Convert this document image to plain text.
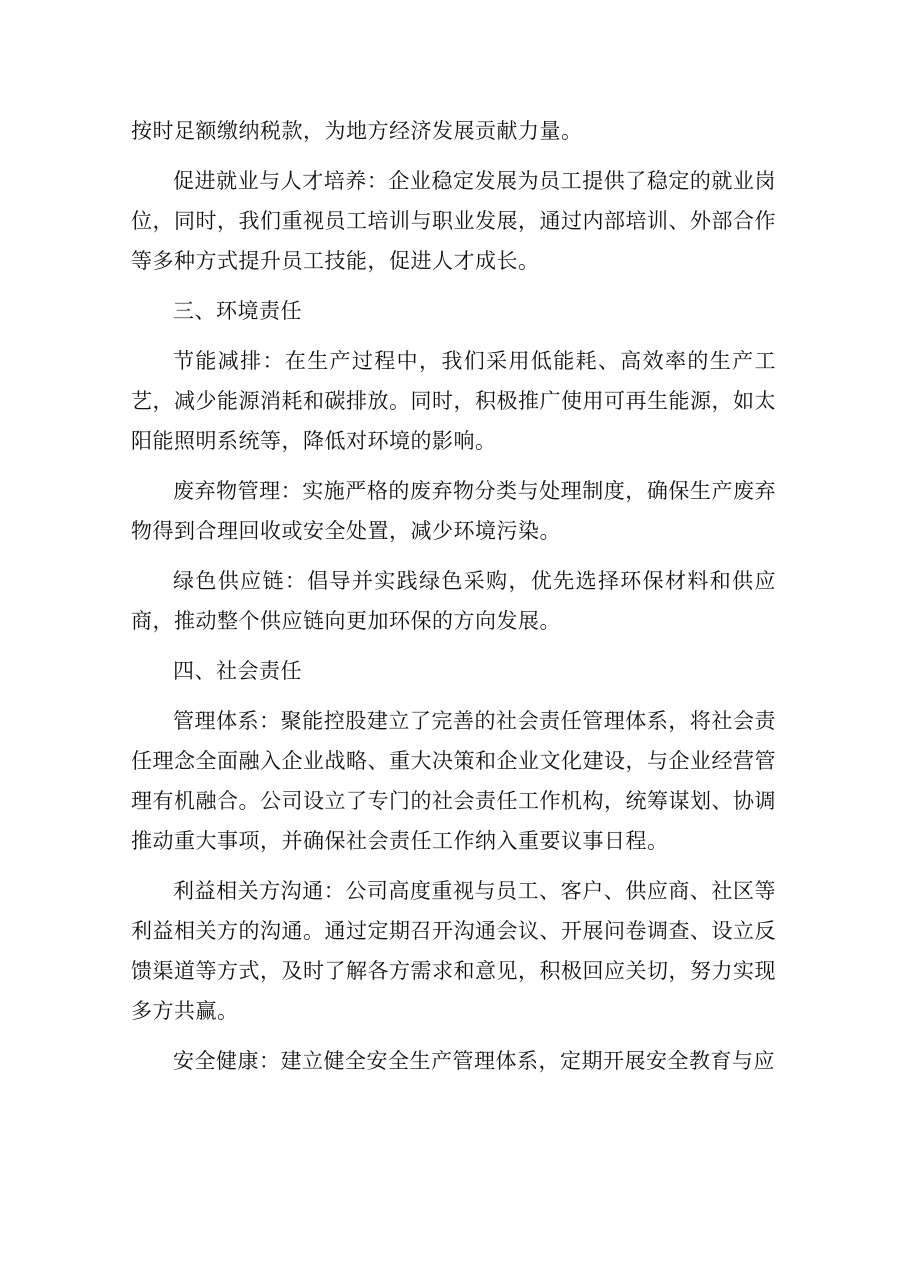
按时足额缴纳税款，为地方经济发展贡献力量。

促进就业与人才培养：企业稳定发展为员工提供了稳定的就业岗位，同时，我们重视员工培训与职业发展，通过内部培训、外部合作等多种方式提升员工技能，促进人才成长。

三、环境责任

节能减排：在生产过程中，我们采用低能耗、高效率的生产工艺，减少能源消耗和碳排放。同时，积极推广使用可再生能源，如太阳能照明系统等，降低对环境的影响。

废弃物管理：实施严格的废弃物分类与处理制度，确保生产废弃物得到合理回收或安全处置，减少环境污染。

绿色供应链：倡导并实践绿色采购，优先选择环保材料和供应商，推动整个供应链向更加环保的方向发展。

四、社会责任

管理体系：聚能控股建立了完善的社会责任管理体系，将社会责任理念全面融入企业战略、重大决策和企业文化建设，与企业经营管理有机融合。公司设立了专门的社会责任工作机构，统筹谋划、协调推动重大事项，并确保社会责任工作纳入重要议事日程。

利益相关方沟通：公司高度重视与员工、客户、供应商、社区等利益相关方的沟通。通过定期召开沟通会议、开展问卷调查、设立反馈渠道等方式，及时了解各方需求和意见，积极回应关切，努力实现多方共赢。

安全健康：建立健全安全生产管理体系，定期开展安全教育与应
